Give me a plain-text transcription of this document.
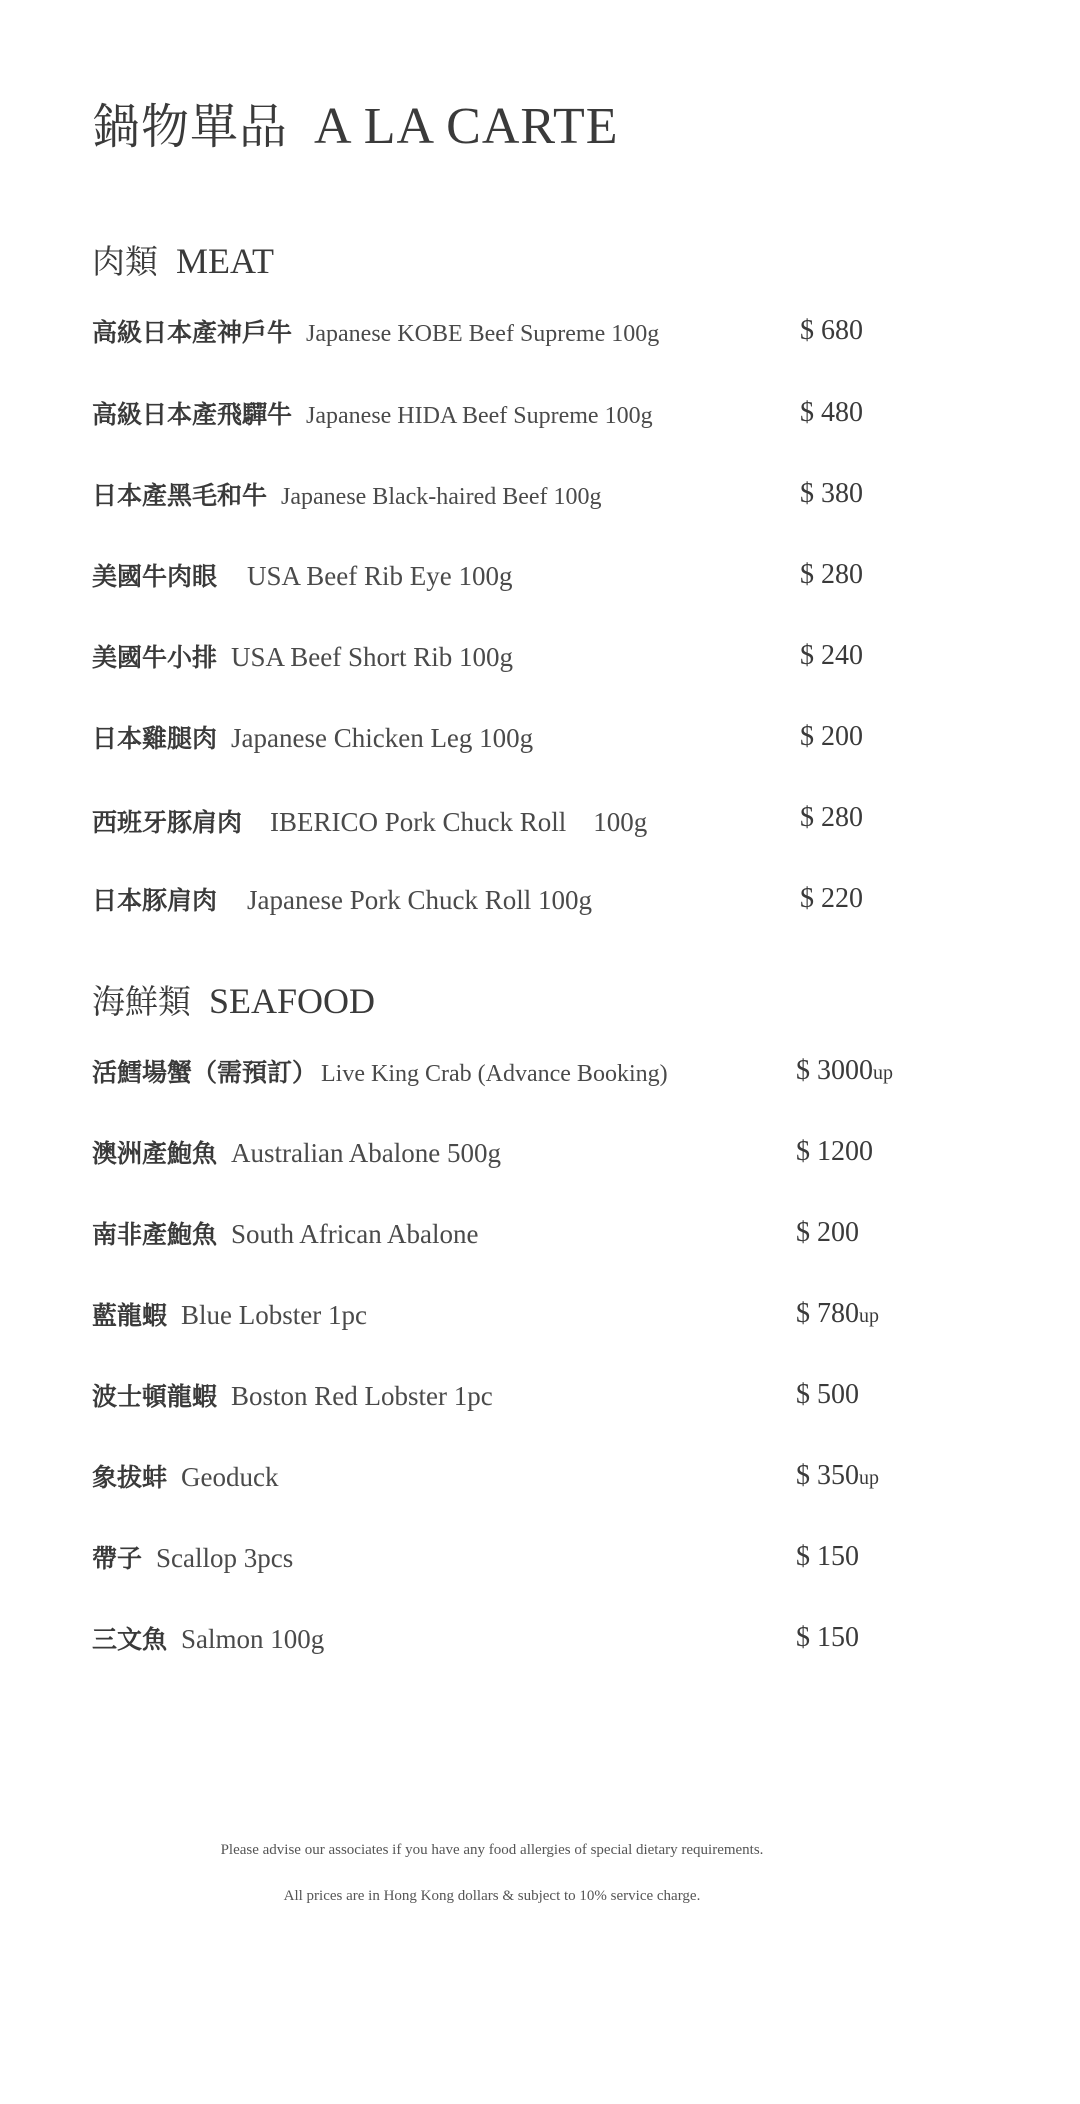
鍋物單品 A LA CARTE
肉類 MEAT
高級日本產神戶牛 Japanese KOBE Beef Supreme 100g	$ 680
高級日本產飛驒牛 Japanese HIDA Beef Supreme 100g	$ 480
日本產黑毛和牛 Japanese Black-haired Beef 100g	$ 380
美國牛肉眼 USA Beef Rib Eye 100g	$ 280
美國牛小排 USA Beef Short Rib 100g	$ 240
日本雞腿肉 Japanese Chicken Leg 100g	$ 200
西班牙豚肩肉 IBERICO Pork Chuck Roll　100g	$ 280
日本豚肩肉 Japanese Pork Chuck Roll 100g	$ 220
海鮮類 SEAFOOD
活鱈場蟹（需預訂） Live King Crab (Advance Booking)	$ 3000up
澳洲產鮑魚 Australian Abalone 500g	$ 1200
南非產鮑魚 South African Abalone	$ 200
藍龍蝦 Blue Lobster 1pc	$ 780up
波士頓龍蝦 Boston Red Lobster 1pc	$ 500
象拔蚌 Geoduck	$ 350up
帶子 Scallop 3pcs	$ 150
三文魚 Salmon 100g	$ 150
Please advise our associates if you have any food allergies of special dietary requirements.
All prices are in Hong Kong dollars & subject to 10% service charge.
